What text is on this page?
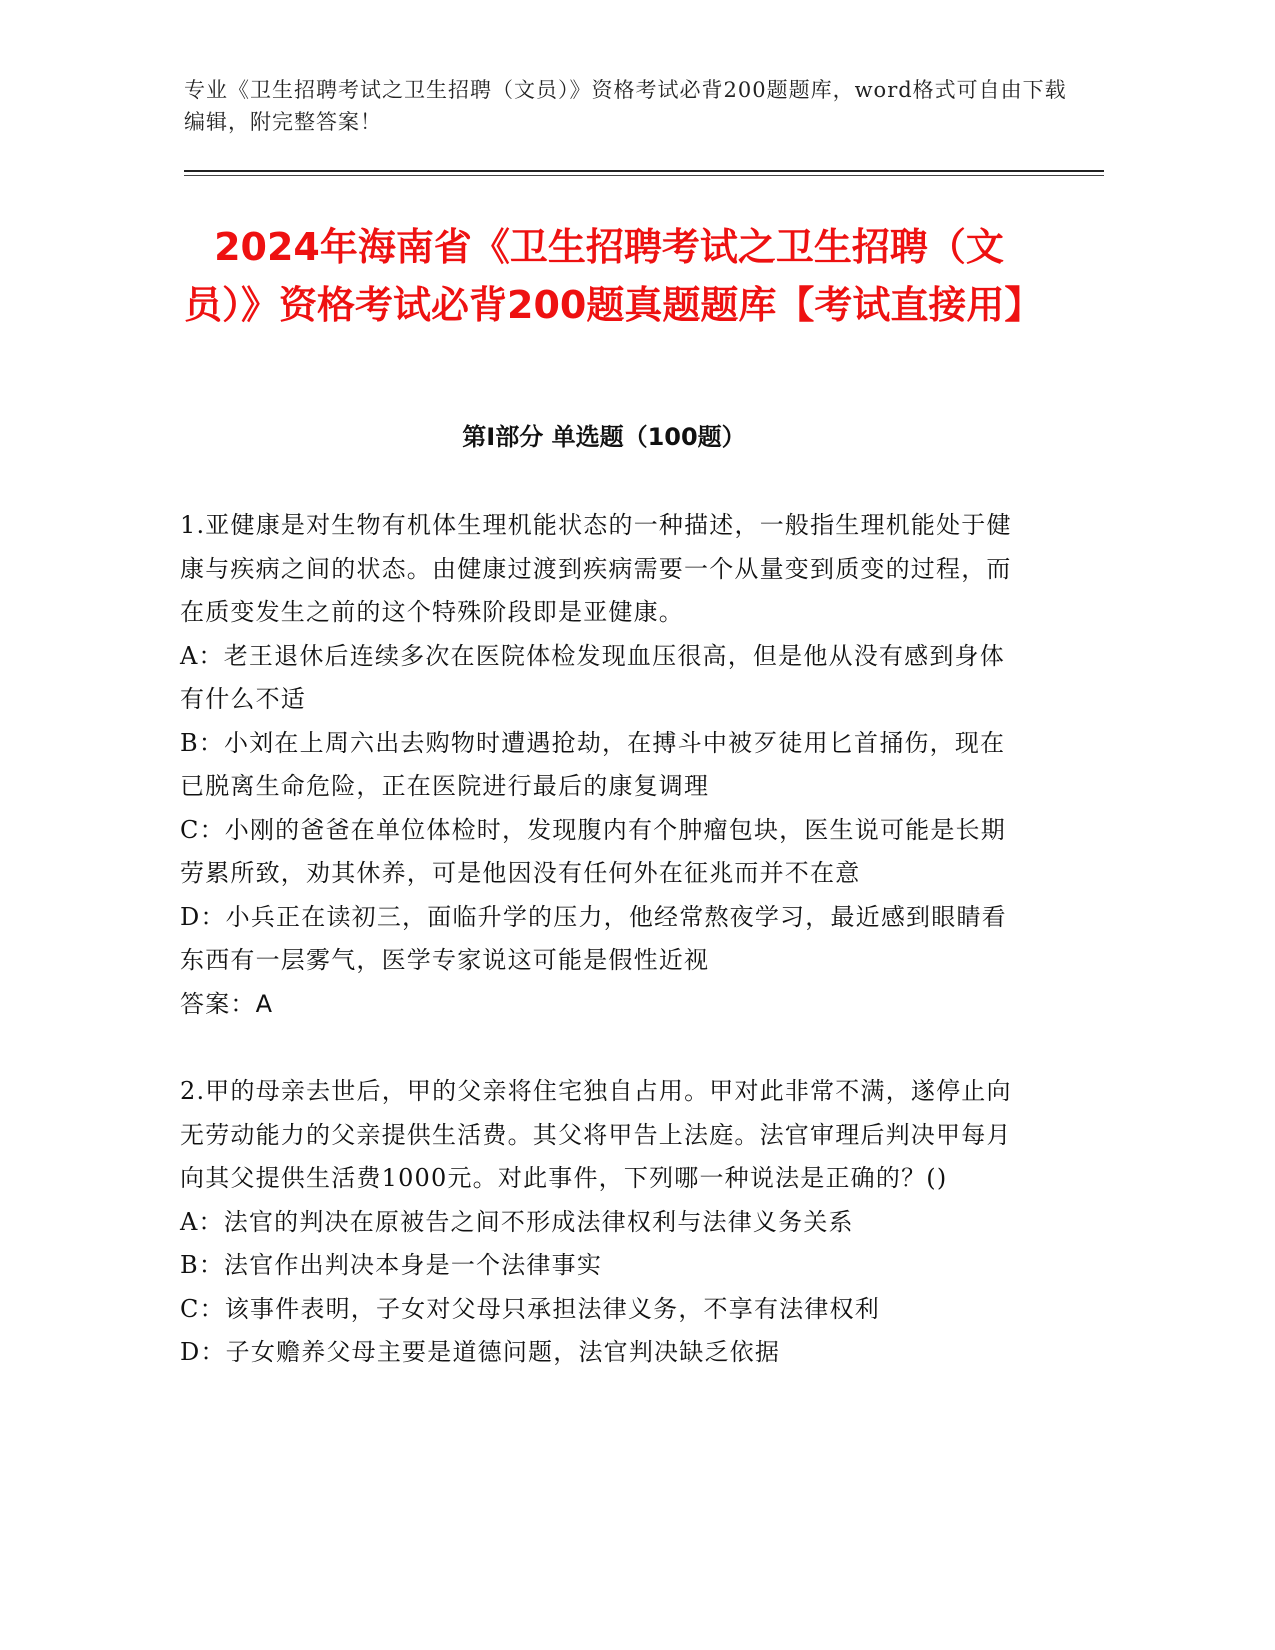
专业《卫生招聘考试之卫生招聘（文员）》资格考试必背200题题库，word格式可自由下载编辑，附完整答案！
2024年海南省《卫生招聘考试之卫生招聘（文员）》资格考试必背200题真题题库【考试直接用】
第I部分 单选题（100题）

1.亚健康是对生物有机体生理机能状态的一种描述，一般指生理机能处于健康与疾病之间的状态。由健康过渡到疾病需要一个从量变到质变的过程，而在质变发生之前的这个特殊阶段即是亚健康。

A：老王退休后连续多次在医院体检发现血压很高，但是他从没有感到身体有什么不适

B：小刘在上周六出去购物时遭遇抢劫，在搏斗中被歹徒用匕首捅伤，现在已脱离生命危险，正在医院进行最后的康复调理

C：小刚的爸爸在单位体检时，发现腹内有个肿瘤包块，医生说可能是长期劳累所致，劝其休养，可是他因没有任何外在征兆而并不在意

D：小兵正在读初三，面临升学的压力，他经常熬夜学习，最近感到眼睛看东西有一层雾气，医学专家说这可能是假性近视

答案：A

2.甲的母亲去世后，甲的父亲将住宅独自占用。甲对此非常不满，遂停止向无劳动能力的父亲提供生活费。其父将甲告上法庭。法官审理后判决甲每月向其父提供生活费1000元。对此事件，下列哪一种说法是正确的？()

A：法官的判决在原被告之间不形成法律权利与法律义务关系

B：法官作出判决本身是一个法律事实

C：该事件表明，子女对父母只承担法律义务，不享有法律权利

D：子女赡养父母主要是道德问题，法官判决缺乏依据
